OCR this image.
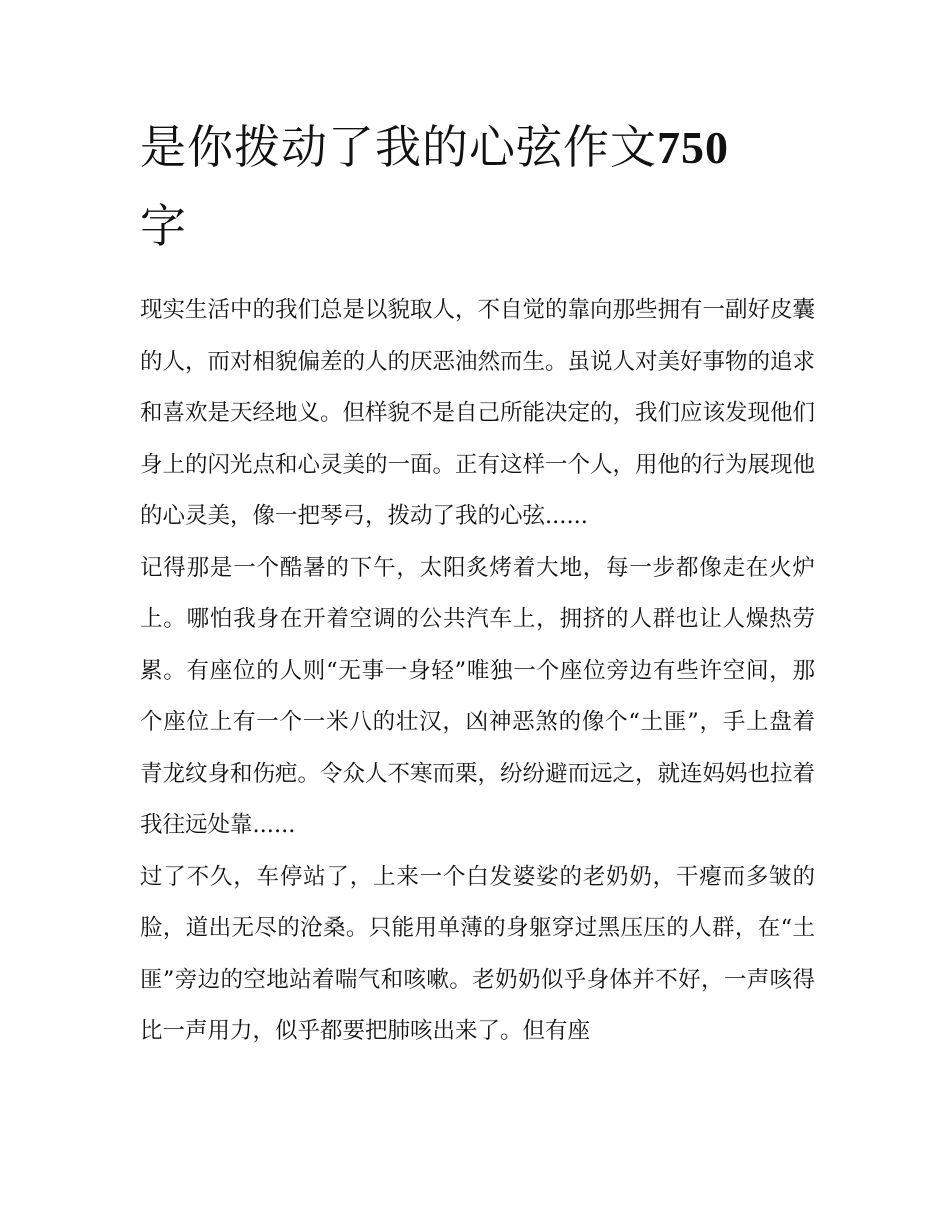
是你拨动了我的心弦作文750
字

现实生活中的我们总是以貌取人，不自觉的靠向那些拥有一副好皮囊的人，而对相貌偏差的人的厌恶油然而生。虽说人对美好事物的追求和喜欢是天经地义。但样貌不是自己所能决定的，我们应该发现他们身上的闪光点和心灵美的一面。正有这样一个人，用他的行为展现他的心灵美，像一把琴弓，拨动了我的心弦......

记得那是一个酷暑的下午，太阳炙烤着大地，每一步都像走在火炉上。哪怕我身在开着空调的公共汽车上，拥挤的人群也让人燥热劳累。有座位的人则“无事一身轻”唯独一个座位旁边有些许空间，那个座位上有一个一米八的壮汉，凶神恶煞的像个“土匪”，手上盘着青龙纹身和伤疤。令众人不寒而栗，纷纷避而远之，就连妈妈也拉着我往远处靠......

过了不久，车停站了，上来一个白发婆娑的老奶奶，干瘪而多皱的脸，道出无尽的沧桑。只能用单薄的身躯穿过黑压压的人群，在“土匪”旁边的空地站着喘气和咳嗽。老奶奶似乎身体并不好，一声咳得比一声用力，似乎都要把肺咳出来了。但有座
